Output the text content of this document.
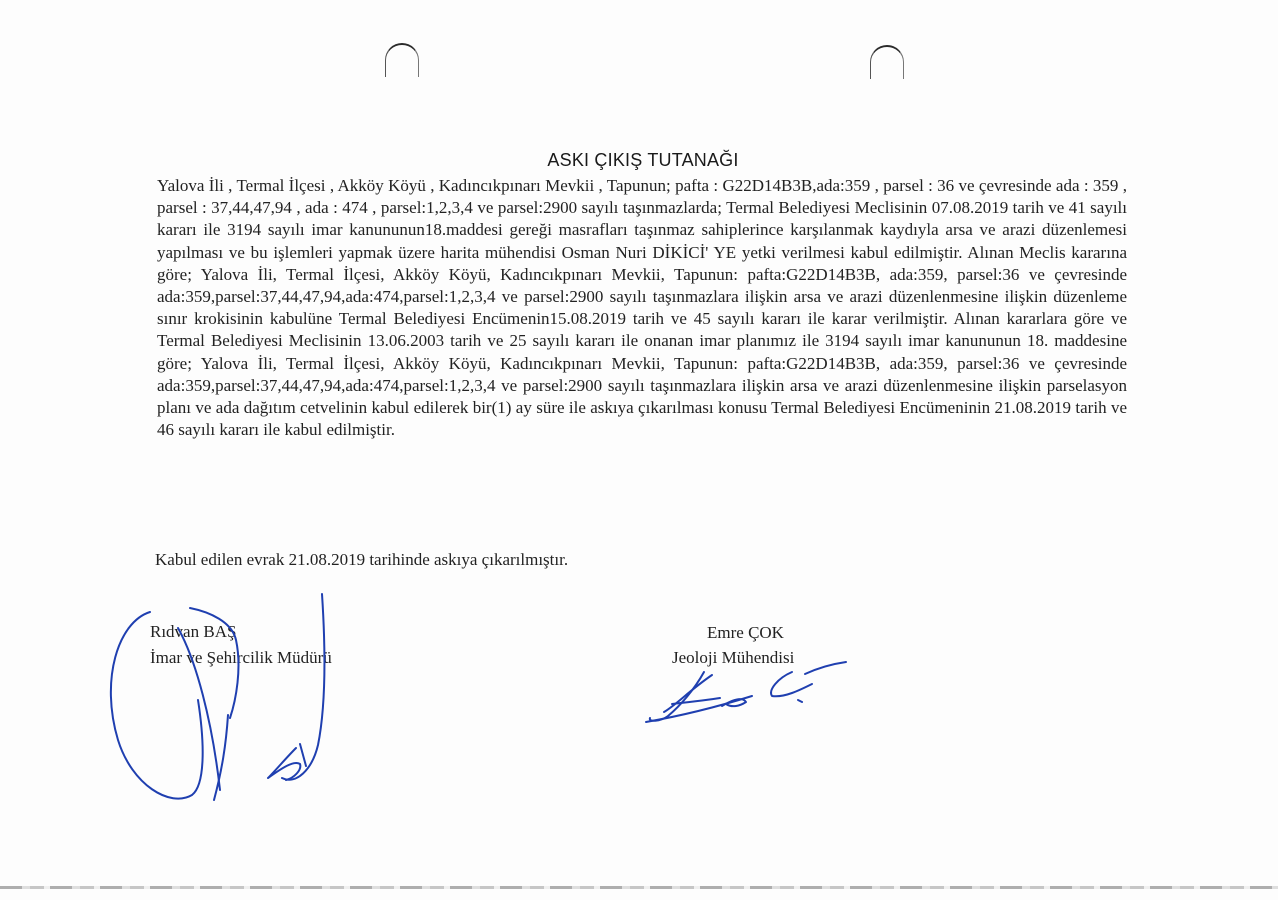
ASKI ÇIKIŞ TUTANAĞI

Yalova İli , Termal İlçesi , Akköy Köyü , Kadıncıkpınarı Mevkii , Tapunun; pafta : G22D14B3B,ada:359 , parsel : 36 ve çevresinde ada : 359 , parsel : 37,44,47,94 , ada : 474 , parsel:1,2,3,4 ve parsel:2900 sayılı taşınmazlarda; Termal Belediyesi Meclisinin 07.08.2019 tarih ve 41 sayılı kararı ile 3194 sayılı imar kanununun18.maddesi gereği masrafları taşınmaz sahiplerince karşılanmak kaydıyla arsa ve arazi düzenlemesi yapılması ve bu işlemleri yapmak üzere harita mühendisi Osman Nuri DİKİCİ' YE yetki verilmesi kabul edilmiştir. Alınan Meclis kararına göre; Yalova İli, Termal İlçesi, Akköy Köyü, Kadıncıkpınarı Mevkii, Tapunun: pafta:G22D14B3B, ada:359, parsel:36 ve çevresinde ada:359,parsel:37,44,47,94,ada:474,parsel:1,2,3,4 ve parsel:2900 sayılı taşınmazlara ilişkin arsa ve arazi düzenlenmesine ilişkin düzenleme sınır krokisinin kabulüne Termal Belediyesi Encümenin15.08.2019 tarih ve 45 sayılı kararı ile karar verilmiştir. Alınan kararlara göre ve Termal Belediyesi Meclisinin 13.06.2003 tarih ve 25 sayılı kararı ile onanan imar planımız ile 3194 sayılı imar kanununun 18. maddesine göre; Yalova İli, Termal İlçesi, Akköy Köyü, Kadıncıkpınarı Mevkii, Tapunun: pafta:G22D14B3B, ada:359, parsel:36 ve çevresinde ada:359,parsel:37,44,47,94,ada:474,parsel:1,2,3,4 ve parsel:2900 sayılı taşınmazlara ilişkin arsa ve arazi düzenlenmesine ilişkin parselasyon planı ve ada dağıtım cetvelinin kabul edilerek bir(1) ay süre ile askıya çıkarılması konusu Termal Belediyesi Encümeninin 21.08.2019 tarih ve 46 sayılı kararı ile kabul edilmiştir.

Kabul edilen evrak 21.08.2019 tarihinde askıya çıkarılmıştır.
Rıdvan BAŞ
İmar ve Şehircilik Müdürü
Emre ÇOK
Jeoloji Mühendisi
